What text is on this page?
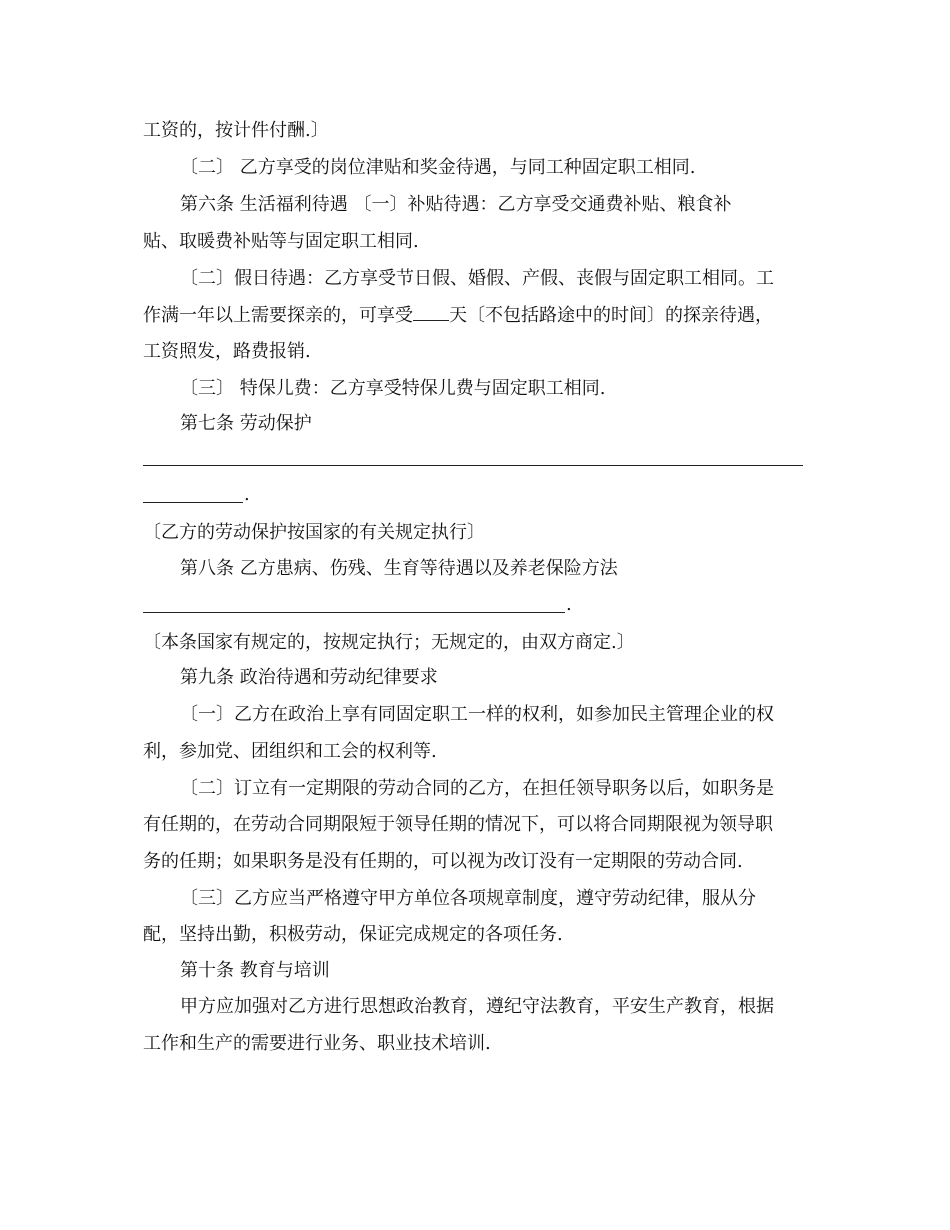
工资的，按计件付酬.〕
〔二〕 乙方享受的岗位津贴和奖金待遇，与同工种固定职工相同.
第六条 生活福利待遇 〔一〕补贴待遇：乙方享受交通费补贴、粮食补
贴、取暖费补贴等与固定职工相同.
〔二〕假日待遇：乙方享受节日假、婚假、产假、丧假与固定职工相同。工
作满一年以上需要探亲的，可享受 天〔不包括路途中的时间〕的探亲待遇，
工资照发，路费报销.
〔三〕 特保儿费：乙方享受特保儿费与固定职工相同.
第七条 劳动保护
.
〔乙方的劳动保护按国家的有关规定执行〕
第八条 乙方患病、伤残、生育等待遇以及养老保险方法
.
〔本条国家有规定的，按规定执行；无规定的，由双方商定.〕
第九条 政治待遇和劳动纪律要求
〔一〕乙方在政治上享有同固定职工一样的权利，如参加民主管理企业的权
利，参加党、团组织和工会的权利等.
〔二〕订立有一定期限的劳动合同的乙方，在担任领导职务以后，如职务是
有任期的，在劳动合同期限短于领导任期的情况下，可以将合同期限视为领导职
务的任期；如果职务是没有任期的，可以视为改订没有一定期限的劳动合同.
〔三〕乙方应当严格遵守甲方单位各项规章制度，遵守劳动纪律，服从分
配，坚持出勤，积极劳动，保证完成规定的各项任务.
第十条 教育与培训
甲方应加强对乙方进行思想政治教育，遵纪守法教育，平安生产教育，根据
工作和生产的需要进行业务、职业技术培训.
